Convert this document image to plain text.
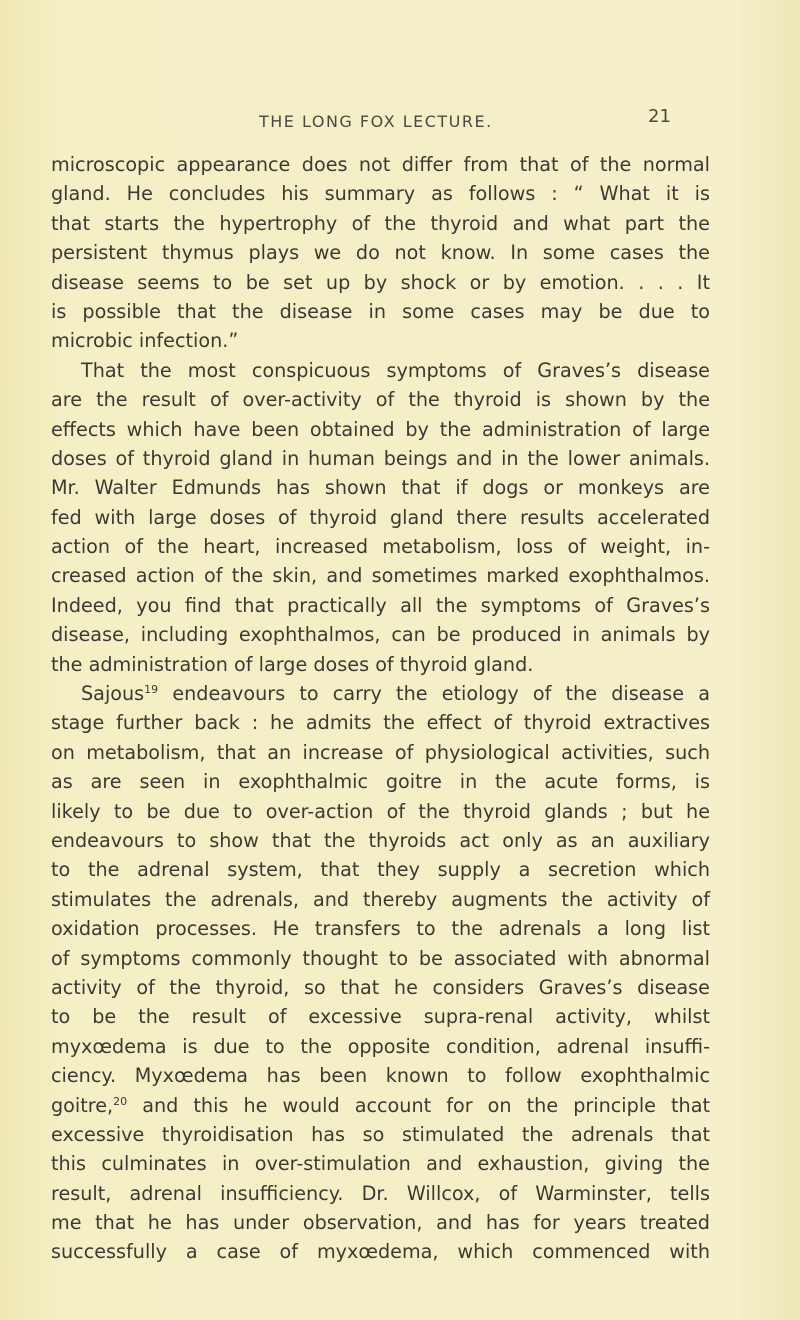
THE LONG FOX LECTURE.	21
microscopic appearance does not differ from that of the normal
gland. He concludes his summary as follows : “ What it is
that starts the hypertrophy of the thyroid and what part the
persistent thymus plays we do not know. In some cases the
disease seems to be set up by shock or by emotion. . . . It
is possible that the disease in some cases may be due to
microbic infection.”
That the most conspicuous symptoms of Graves’s disease
are the result of over-activity of the thyroid is shown by the
effects which have been obtained by the administration of large
doses of thyroid gland in human beings and in the lower animals.
Mr. Walter Edmunds has shown that if dogs or monkeys are
fed with large doses of thyroid gland there results accelerated
action of the heart, increased metabolism, loss of weight, in-
creased action of the skin, and sometimes marked exophthalmos.
Indeed, you find that practically all the symptoms of Graves’s
disease, including exophthalmos, can be produced in animals by
the administration of large doses of thyroid gland.
Sajous$^{19}$ endeavours to carry the etiology of the disease a
stage further back : he admits the effect of thyroid extractives
on metabolism, that an increase of physiological activities, such
as are seen in exophthalmic goitre in the acute forms, is
likely to be due to over-action of the thyroid glands ; but he
endeavours to show that the thyroids act only as an auxiliary
to the adrenal system, that they supply a secretion which
stimulates the adrenals, and thereby augments the activity of
oxidation processes. He transfers to the adrenals a long list
of symptoms commonly thought to be associated with abnormal
activity of the thyroid, so that he considers Graves’s disease
to be the result of excessive supra-renal activity, whilst
myxœdema is due to the opposite condition, adrenal insuffi-
ciency. Myxœdema has been known to follow exophthalmic
goitre,$^{20}$ and this he would account for on the principle that
excessive thyroidisation has so stimulated the adrenals that
this culminates in over-stimulation and exhaustion, giving the
result, adrenal insufficiency. Dr. Willcox, of Warminster, tells
me that he has under observation, and has for years treated
successfully a case of myxœdema, which commenced with
